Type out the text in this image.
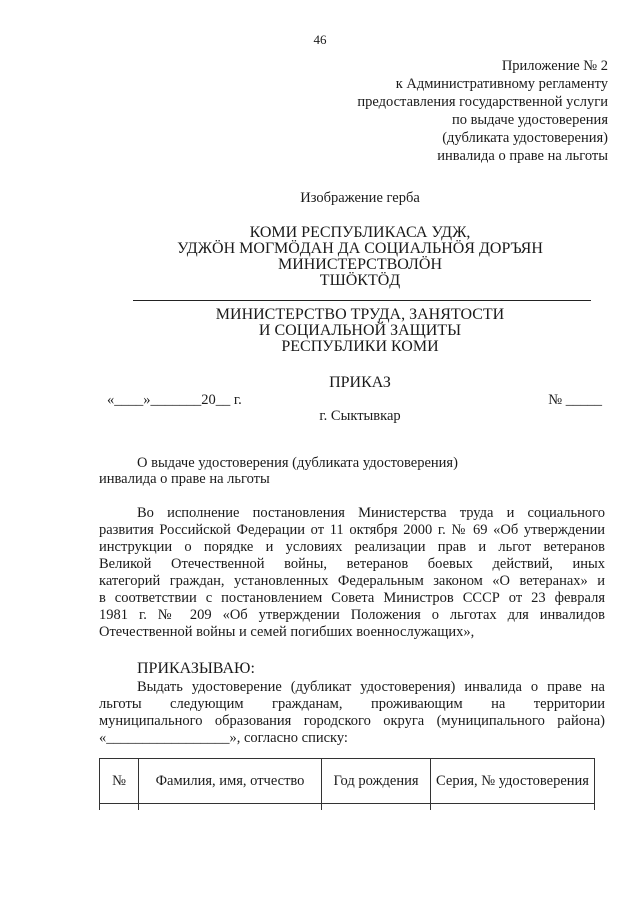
46
Приложение № 2
к Административному регламенту
предоставления государственной услуги
по выдаче удостоверения
(дубликата удостоверения)
инвалида о праве на льготы
Изображение герба
КОМИ РЕСПУБЛИКАСА УДЖ,
УДЖÖН МОГМÖДАН ДА СОЦИАЛЬНÖЯ ДОРЪЯН
МИНИСТЕРСТВОЛÖН
ТШÖКТÖД
МИНИСТЕРСТВО ТРУДА, ЗАНЯТОСТИ
И СОЦИАЛЬНОЙ ЗАЩИТЫ
РЕСПУБЛИКИ КОМИ
ПРИКАЗ
«____»_______20__ г.	№ _____
г. Сыктывкар
О выдаче удостоверения (дубликата удостоверения)
инвалида о праве на льготы
Во исполнение постановления Министерства труда и социального
развития Российской Федерации от 11 октября 2000 г. № 69 «Об утверждении
инструкции о порядке и условиях реализации прав и льгот ветеранов
Великой Отечественной войны, ветеранов боевых действий, иных
категорий граждан, установленных Федеральным законом «О ветеранах» и
в соответствии с постановлением Совета Министров СССР от 23 февраля
1981 г. № 209 «Об утверждении Положения о льготах для инвалидов
Отечественной войны и семей погибших военнослужащих»,
ПРИКАЗЫВАЮ:
Выдать удостоверение (дубликат удостоверения) инвалида о праве на
льготы следующим гражданам, проживающим на территории
муниципального образования городского округа (муниципального района)
«_________________», согласно списку:
№	Фамилия, имя, отчество	Год рождения	Серия, № удостоверения
